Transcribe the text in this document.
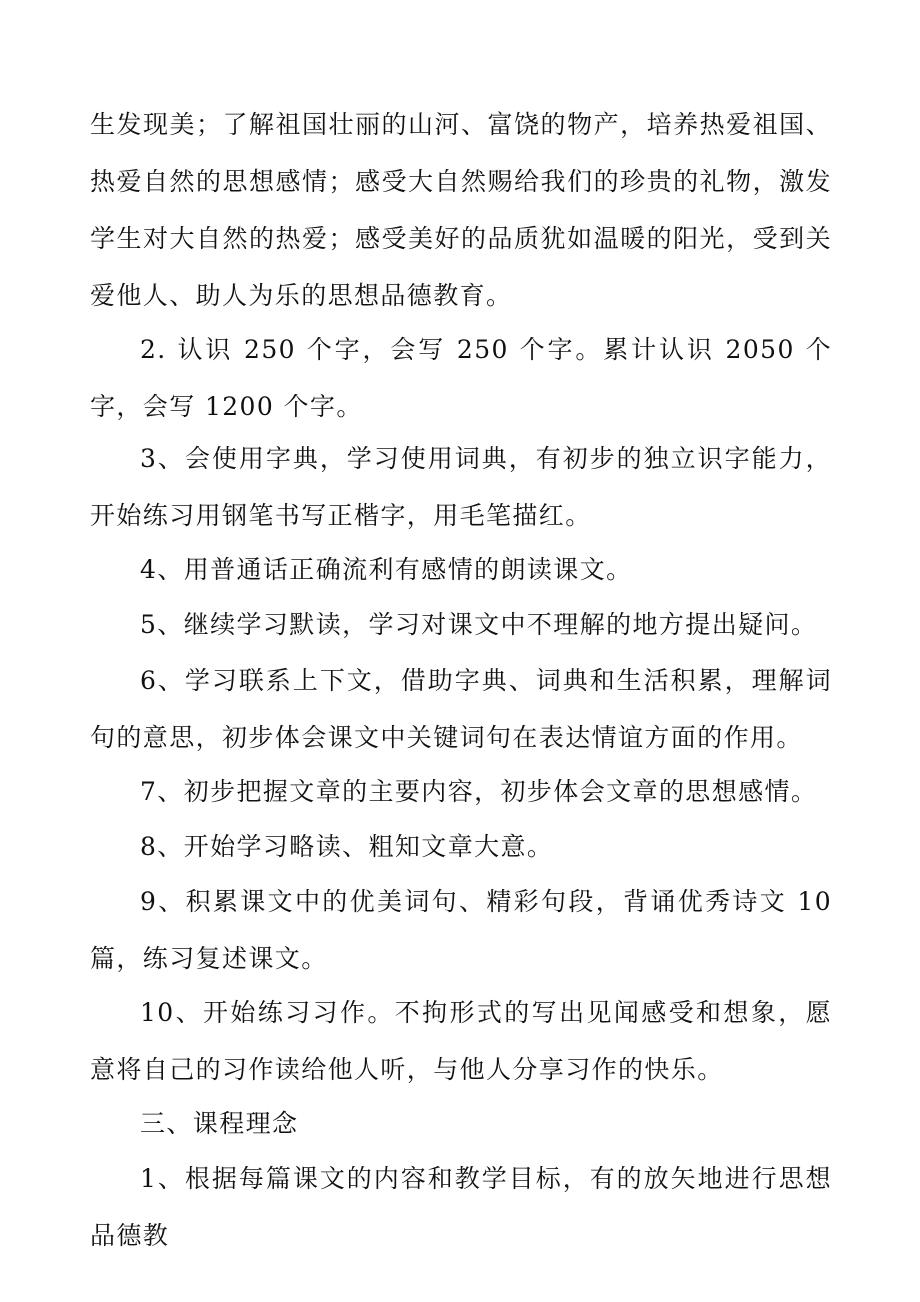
生发现美；了解祖国壮丽的山河、富饶的物产，培养热爱祖国、热爱自然的思想感情；感受大自然赐给我们的珍贵的礼物，激发学生对大自然的热爱；感受美好的品质犹如温暖的阳光，受到关爱他人、助人为乐的思想品德教育。

2. 认识 250 个字，会写 250 个字。累计认识 2050 个字，会写 1200 个字。

3、会使用字典，学习使用词典，有初步的独立识字能力，开始练习用钢笔书写正楷字，用毛笔描红。

4、用普通话正确流利有感情的朗读课文。

5、继续学习默读，学习对课文中不理解的地方提出疑问。

6、学习联系上下文，借助字典、词典和生活积累，理解词句的意思，初步体会课文中关键词句在表达情谊方面的作用。

7、初步把握文章的主要内容，初步体会文章的思想感情。

8、开始学习略读、粗知文章大意。

9、积累课文中的优美词句、精彩句段，背诵优秀诗文 10 篇，练习复述课文。

10、开始练习习作。不拘形式的写出见闻感受和想象，愿意将自己的习作读给他人听，与他人分享习作的快乐。

三、课程理念

1、根据每篇课文的内容和教学目标，有的放矢地进行思想品德教
